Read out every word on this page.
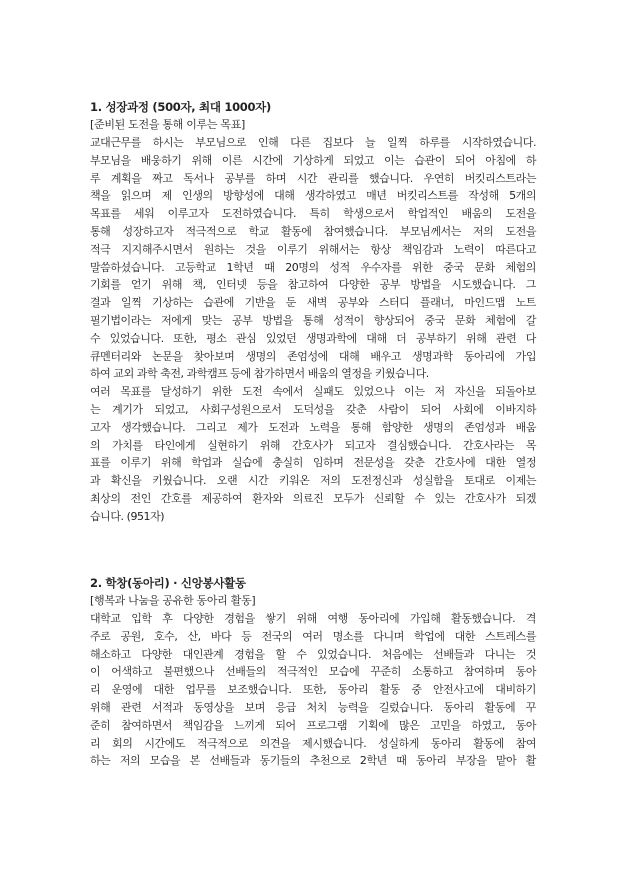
1. 성장과정 (500자, 최대 1000자)
[준비된 도전을 통해 이루는 목표]
교대근무를 하시는 부모님으로 인해 다른 집보다 늘 일찍 하루를 시작하였습니다.
부모님을 배웅하기 위해 이른 시간에 기상하게 되었고 이는 습관이 되어 아침에 하
루 계획을 짜고 독서나 공부를 하며 시간 관리를 했습니다. 우연히 버킷리스트라는
책을 읽으며 제 인생의 방향성에 대해 생각하였고 매년 버킷리스트를 작성해 5개의
목표를 세워 이루고자 도전하였습니다. 특히 학생으로서 학업적인 배움의 도전을
통해 성장하고자 적극적으로 학교 활동에 참여했습니다. 부모님께서는 저의 도전을
적극 지지해주시면서 원하는 것을 이루기 위해서는 항상 책임감과 노력이 따른다고
말씀하셨습니다. 고등학교 1학년 때 20명의 성적 우수자를 위한 중국 문화 체험의
기회를 얻기 위해 책, 인터넷 등을 참고하여 다양한 공부 방법을 시도했습니다. 그
결과 일찍 기상하는 습관에 기반을 둔 새벽 공부와 스터디 플래너, 마인드맵 노트
필기법이라는 저에게 맞는 공부 방법을 통해 성적이 향상되어 중국 문화 체험에 갈
수 있었습니다. 또한, 평소 관심 있었던 생명과학에 대해 더 공부하기 위해 관련 다
큐멘터리와 논문을 찾아보며 생명의 존엄성에 대해 배우고 생명과학 동아리에 가입
하여 교외 과학 축전, 과학캠프 등에 참가하면서 배움의 열정을 키웠습니다.
여러 목표를 달성하기 위한 도전 속에서 실패도 있었으나 이는 저 자신을 되돌아보
는 계기가 되었고, 사회구성원으로서 도덕성을 갖춘 사람이 되어 사회에 이바지하
고자 생각했습니다. 그리고 제가 도전과 노력을 통해 함양한 생명의 존엄성과 배움
의 가치를 타인에게 실현하기 위해 간호사가 되고자 결심했습니다. 간호사라는 목
표를 이루기 위해 학업과 실습에 충실히 임하며 전문성을 갖춘 간호사에 대한 열정
과 확신을 키웠습니다. 오랜 시간 키워온 저의 도전정신과 성실함을 토대로 이제는
최상의 전인 간호를 제공하여 환자와 의료진 모두가 신뢰할 수 있는 간호사가 되겠
습니다. (951자)
2. 학창(동아리) · 신앙봉사활동
[행복과 나눔을 공유한 동아리 활동]
대학교 입학 후 다양한 경험을 쌓기 위해 여행 동아리에 가입해 활동했습니다. 격
주로 공원, 호수, 산, 바다 등 전국의 여러 명소를 다니며 학업에 대한 스트레스를
해소하고 다양한 대인관계 경험을 할 수 있었습니다. 처음에는 선배들과 다니는 것
이 어색하고 불편했으나 선배들의 적극적인 모습에 꾸준히 소통하고 참여하며 동아
리 운영에 대한 업무를 보조했습니다. 또한, 동아리 활동 중 안전사고에 대비하기
위해 관련 서적과 동영상을 보며 응급 처치 능력을 길렀습니다. 동아리 활동에 꾸
준히 참여하면서 책임감을 느끼게 되어 프로그램 기획에 많은 고민을 하였고, 동아
리 회의 시간에도 적극적으로 의견을 제시했습니다. 성실하게 동아리 활동에 참여
하는 저의 모습을 본 선배들과 동기들의 추천으로 2학년 때 동아리 부장을 맡아 활
